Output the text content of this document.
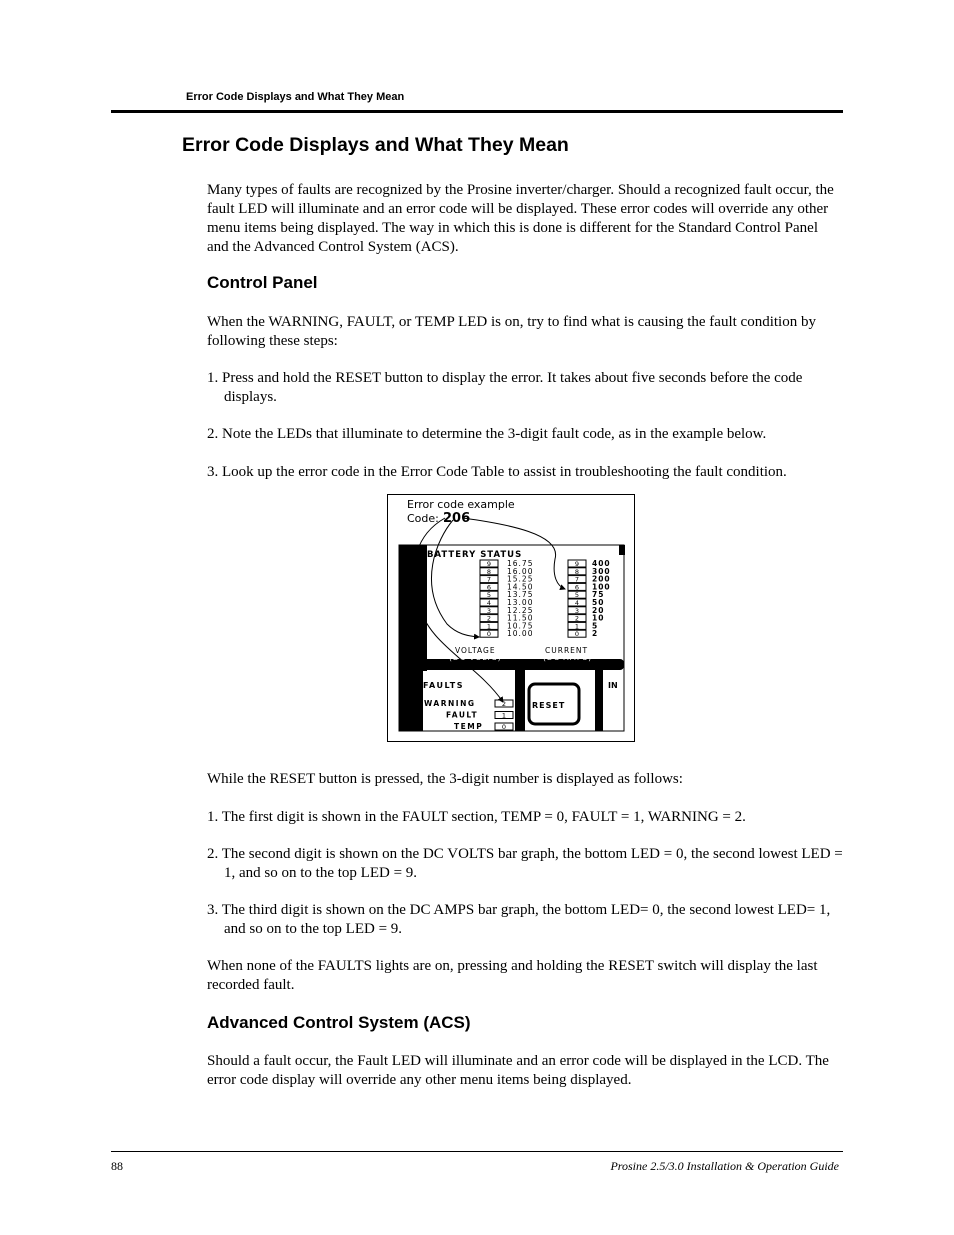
Error Code Displays and What They Mean
Error Code Displays and What They Mean
Many types of faults are recognized by the Prosine inverter/charger. Should a recognized fault occur, the fault LED will illuminate and an error code will be displayed. These error codes will override any other menu items being displayed. The way in which this is done is different for the Standard Control Panel and the Advanced Control System (ACS).
Control Panel
When the WARNING, FAULT, or TEMP LED is on, try to find what is causing the fault condition by following these steps:
1. Press and hold the RESET button to display the error. It takes about five seconds before the code displays.
2. Note the LEDs that illuminate to determine the 3-digit fault code, as in the example below.
3. Look up the error code in the Error Code Table to assist in troubleshooting the fault condition.
Error code example
Code: 206
BATTERY STATUS
9 16.75	9 400
8 16.00	8 300
7 15.25	7 200
6 14.50	6 100
5 13.75	5 75
4 13.00	4 50
3 12.25	3 20
2 11.50	2 10
1 10.75	1 5
0 10.00	0 2
VOLTAGE
(DC VOLTS)
CURRENT
(DC AMPS)
FAULTS
WARNING	2
FAULT	1
TEMP	0
RESET
IN
While the RESET button is pressed, the 3-digit number is displayed as follows:
1. The first digit is shown in the FAULT section, TEMP = 0, FAULT = 1, WARNING = 2.
2. The second digit is shown on the DC VOLTS bar graph, the bottom LED = 0, the second lowest LED = 1, and so on to the top LED = 9.
3. The third digit is shown on the DC AMPS bar graph, the bottom LED= 0, the second lowest LED= 1, and so on to the top LED = 9.
When none of the FAULTS lights are on, pressing and holding the RESET switch will display the last recorded fault.
Advanced Control System (ACS)
Should a fault occur, the Fault LED will illuminate and an error code will be displayed in the LCD. The error code display will override any other menu items being displayed.
88	Prosine 2.5/3.0 Installation & Operation Guide
